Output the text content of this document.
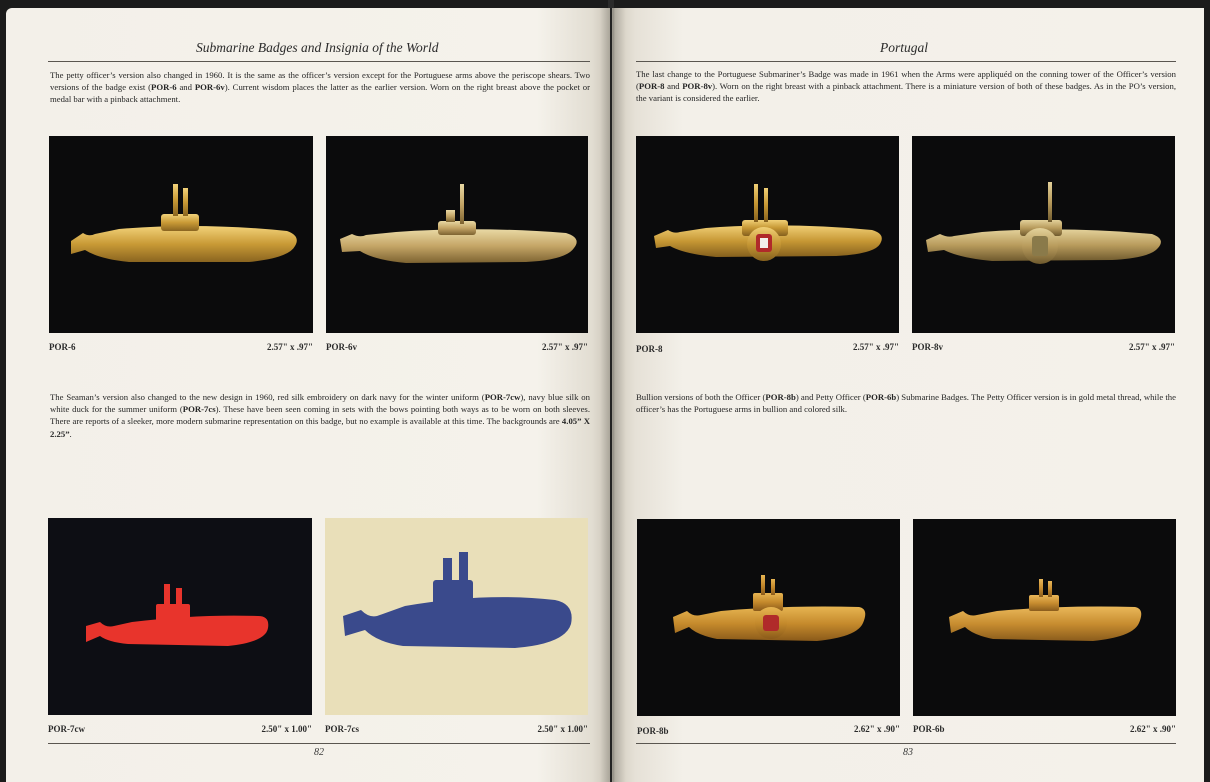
Submarine Badges and Insignia of the World
The petty officer’s version also changed in 1960. It is the same as the officer’s version except for the Portuguese arms above the periscope shears. Two versions of the badge exist (POR-6 and POR-6v). Current wisdom places the latter as the earlier version. Worn on the right breast above the pocket or medal bar with a pinback attachment.
POR-6	2.57" x .97" POR-6v	2.57" x .97"
The Seaman’s version also changed to the new design in 1960, red silk embroidery on dark navy for the winter uniform (POR-7cw), navy blue silk on white duck for the summer uniform (POR-7cs). These have been seen coming in sets with the bows pointing both ways as to be worn on both sleeves. There are reports of a sleeker, more modern submarine representation on this badge, but no example is available at this time. The backgrounds are 4.05” X 2.25”.
POR-7cw	2.50" x 1.00" POR-7cs	2.50" x 1.00"
82
Portugal
The last change to the Portuguese Submariner’s Badge was made in 1961 when the Arms were appliquéd on the conning tower of the Officer’s version (POR-8 and POR-8v). Worn on the right breast with a pinback attachment. There is a miniature version of both of these badges. As in the PO’s version, the variant is considered the earlier.
POR-8	2.57" x .97" POR-8v	2.57" x .97"
Bullion versions of both the Officer (POR-8b) and Petty Officer (POR-6b) Submarine Badges. The Petty Officer version is in gold metal thread, while the officer’s has the Portuguese arms in bullion and colored silk.
POR-8b	2.62" x .90" POR-6b	2.62" x .90"
83
